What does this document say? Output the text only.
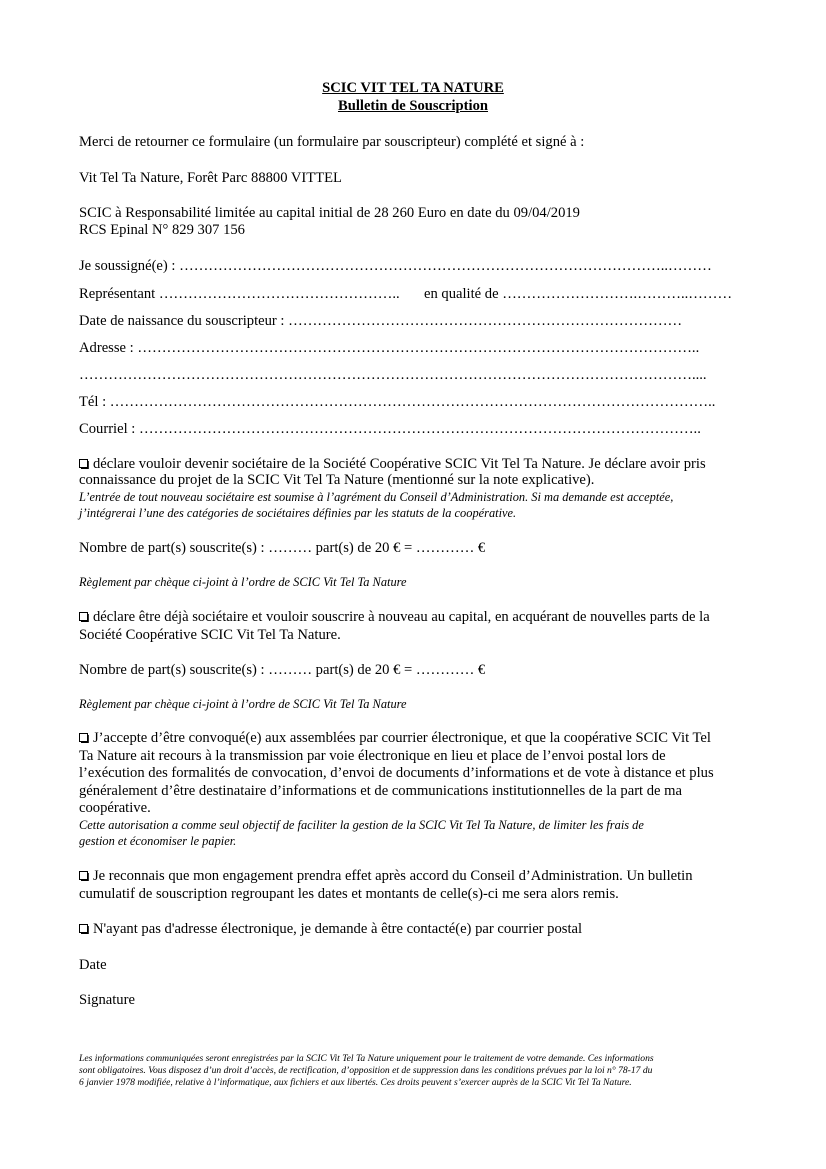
SCIC VIT TEL TA NATURE
Bulletin de Souscription
Merci de retourner ce formulaire (un formulaire par souscripteur) complété et signé à :
Vit Tel Ta Nature, Forêt Parc 88800 VITTEL
SCIC à Responsabilité limitée au capital initial de 28 260 Euro en date du 09/04/2019
RCS Epinal N° 829 307 156
Je soussigné(e) : ………………………………………………………………………………………..………
Représentant ………………………………………….. en qualité de ……………………….………..………
Date de naissance du souscripteur : ………………………………………………………………………
Adresse : ……………………………………………………………………………………………………..
………………………………………………………………………………………………………………....
Tél : ……………………………………………………………………………………………………………..
Courriel : ……………………………………………………………………………………………………..
déclare vouloir devenir sociétaire de la Société Coopérative SCIC Vit Tel Ta Nature. Je déclare avoir pris
connaissance du projet de la SCIC Vit Tel Ta Nature (mentionné sur la note explicative).
L’entrée de tout nouveau sociétaire est soumise à l’agrément du Conseil d’Administration. Si ma demande est acceptée,
j’intégrerai l’une des catégories de sociétaires définies par les statuts de la coopérative.
Nombre de part(s) souscrite(s) : ……… part(s) de 20 € = ………… €
Règlement par chèque ci-joint à l’ordre de SCIC Vit Tel Ta Nature
déclare être déjà sociétaire et vouloir souscrire à nouveau au capital, en acquérant de nouvelles parts de la
Société Coopérative SCIC Vit Tel Ta Nature.
Nombre de part(s) souscrite(s) : ……… part(s) de 20 € = ………… €
Règlement par chèque ci-joint à l’ordre de SCIC Vit Tel Ta Nature
J’accepte d’être convoqué(e) aux assemblées par courrier électronique, et que la coopérative SCIC Vit Tel
Ta Nature ait recours à la transmission par voie électronique en lieu et place de l’envoi postal lors de
l’exécution des formalités de convocation, d’envoi de documents d’informations et de vote à distance et plus
généralement d’être destinataire d’informations et de communications institutionnelles de la part de ma
coopérative.
Cette autorisation a comme seul objectif de faciliter la gestion de la SCIC Vit Tel Ta Nature, de limiter les frais de
gestion et économiser le papier.
Je reconnais que mon engagement prendra effet après accord du Conseil d’Administration. Un bulletin
cumulatif de souscription regroupant les dates et montants de celle(s)-ci me sera alors remis.
N'ayant pas d'adresse électronique, je demande à être contacté(e) par courrier postal
Date
Signature
Les informations communiquées seront enregistrées par la SCIC Vit Tel Ta Nature uniquement pour le traitement de votre demande. Ces informations
sont obligatoires. Vous disposez d’un droit d’accès, de rectification, d’opposition et de suppression dans les conditions prévues par la loi n° 78-17 du
6 janvier 1978 modifiée, relative à l’informatique, aux fichiers et aux libertés. Ces droits peuvent s’exercer auprès de la SCIC Vit Tel Ta Nature.
